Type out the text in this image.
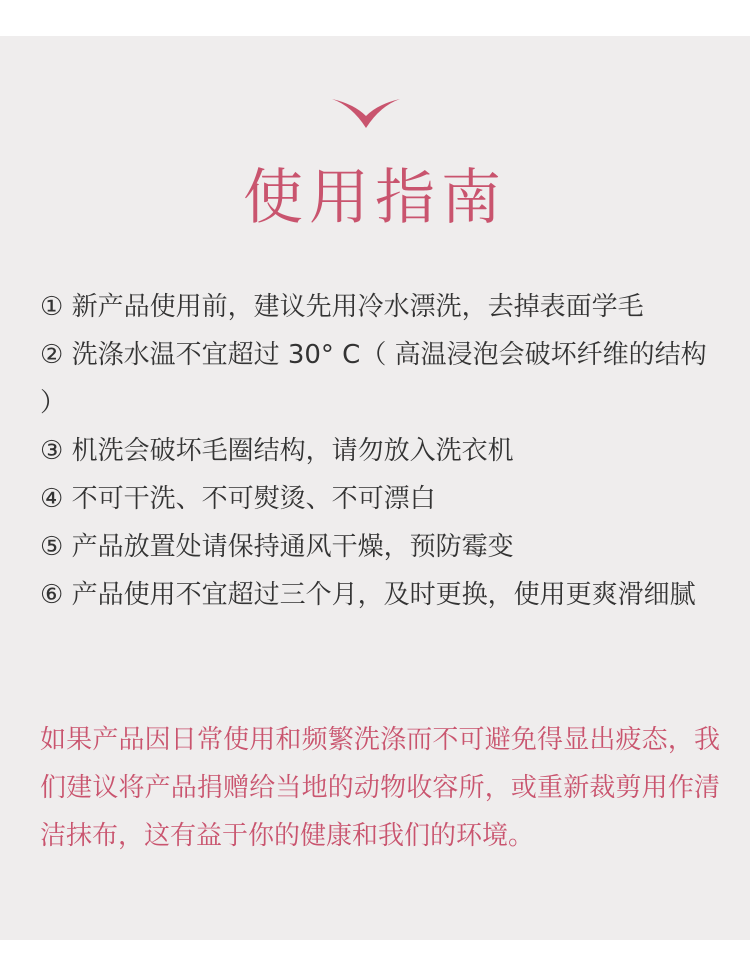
使用指南
① 新产品使用前，建议先用冷水漂洗，去掉表面学毛
② 洗涤水温不宜超过 30° C（ 高温浸泡会破坏纤维的结构 ）
③ 机洗会破坏毛圈结构，请勿放入洗衣机
④ 不可干洗、不可熨烫、不可漂白
⑤ 产品放置处请保持通风干燥，预防霉变
⑥ 产品使用不宜超过三个月，及时更换，使用更爽滑细腻

如果产品因日常使用和频繁洗涤而不可避免得显出疲态，我们建议将产品捐赠给当地的动物收容所，或重新裁剪用作清洁抹布，这有益于你的健康和我们的环境。
